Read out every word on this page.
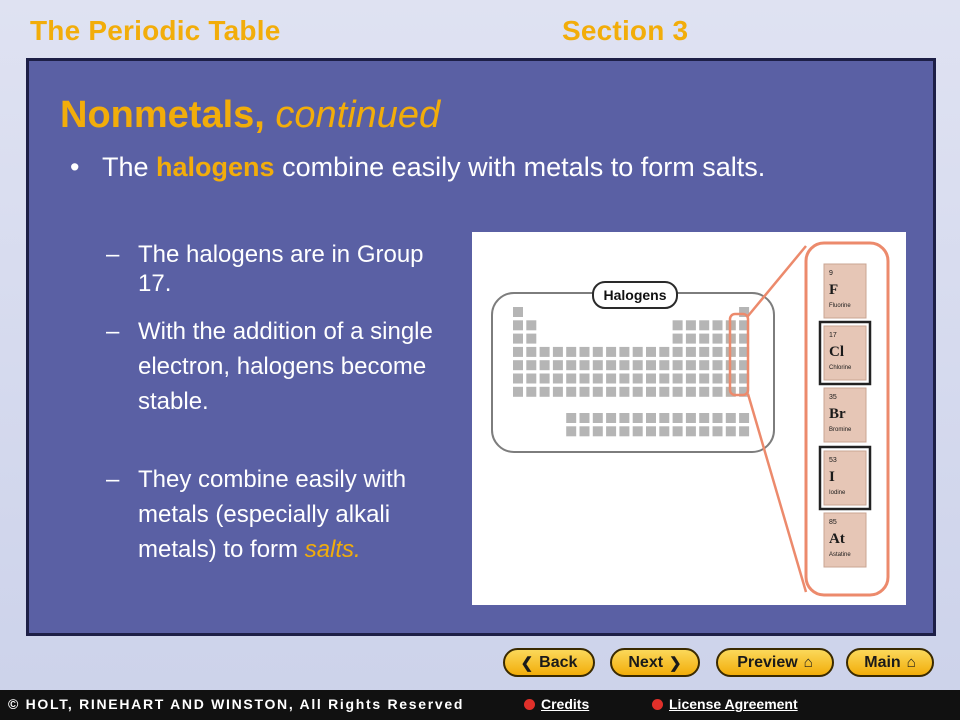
The Periodic Table	Section 3
Nonmetals, continued
• The halogens combine easily with metals to form salts.
– The halogens are in Group 17.
– With the addition of a single electron, halogens become stable.
– They combine easily with metals (especially alkali metals) to form salts.
Halogens
9
F
Fluorine
17
Cl
Chlorine
35
Br
Bromine
53
I
Iodine
85
At
Astatine
❮ Back	Next ❯	Preview ⌂	Main ⌂
© HOLT, RINEHART AND WINSTON, All Rights Reserved	Credits	License Agreement
